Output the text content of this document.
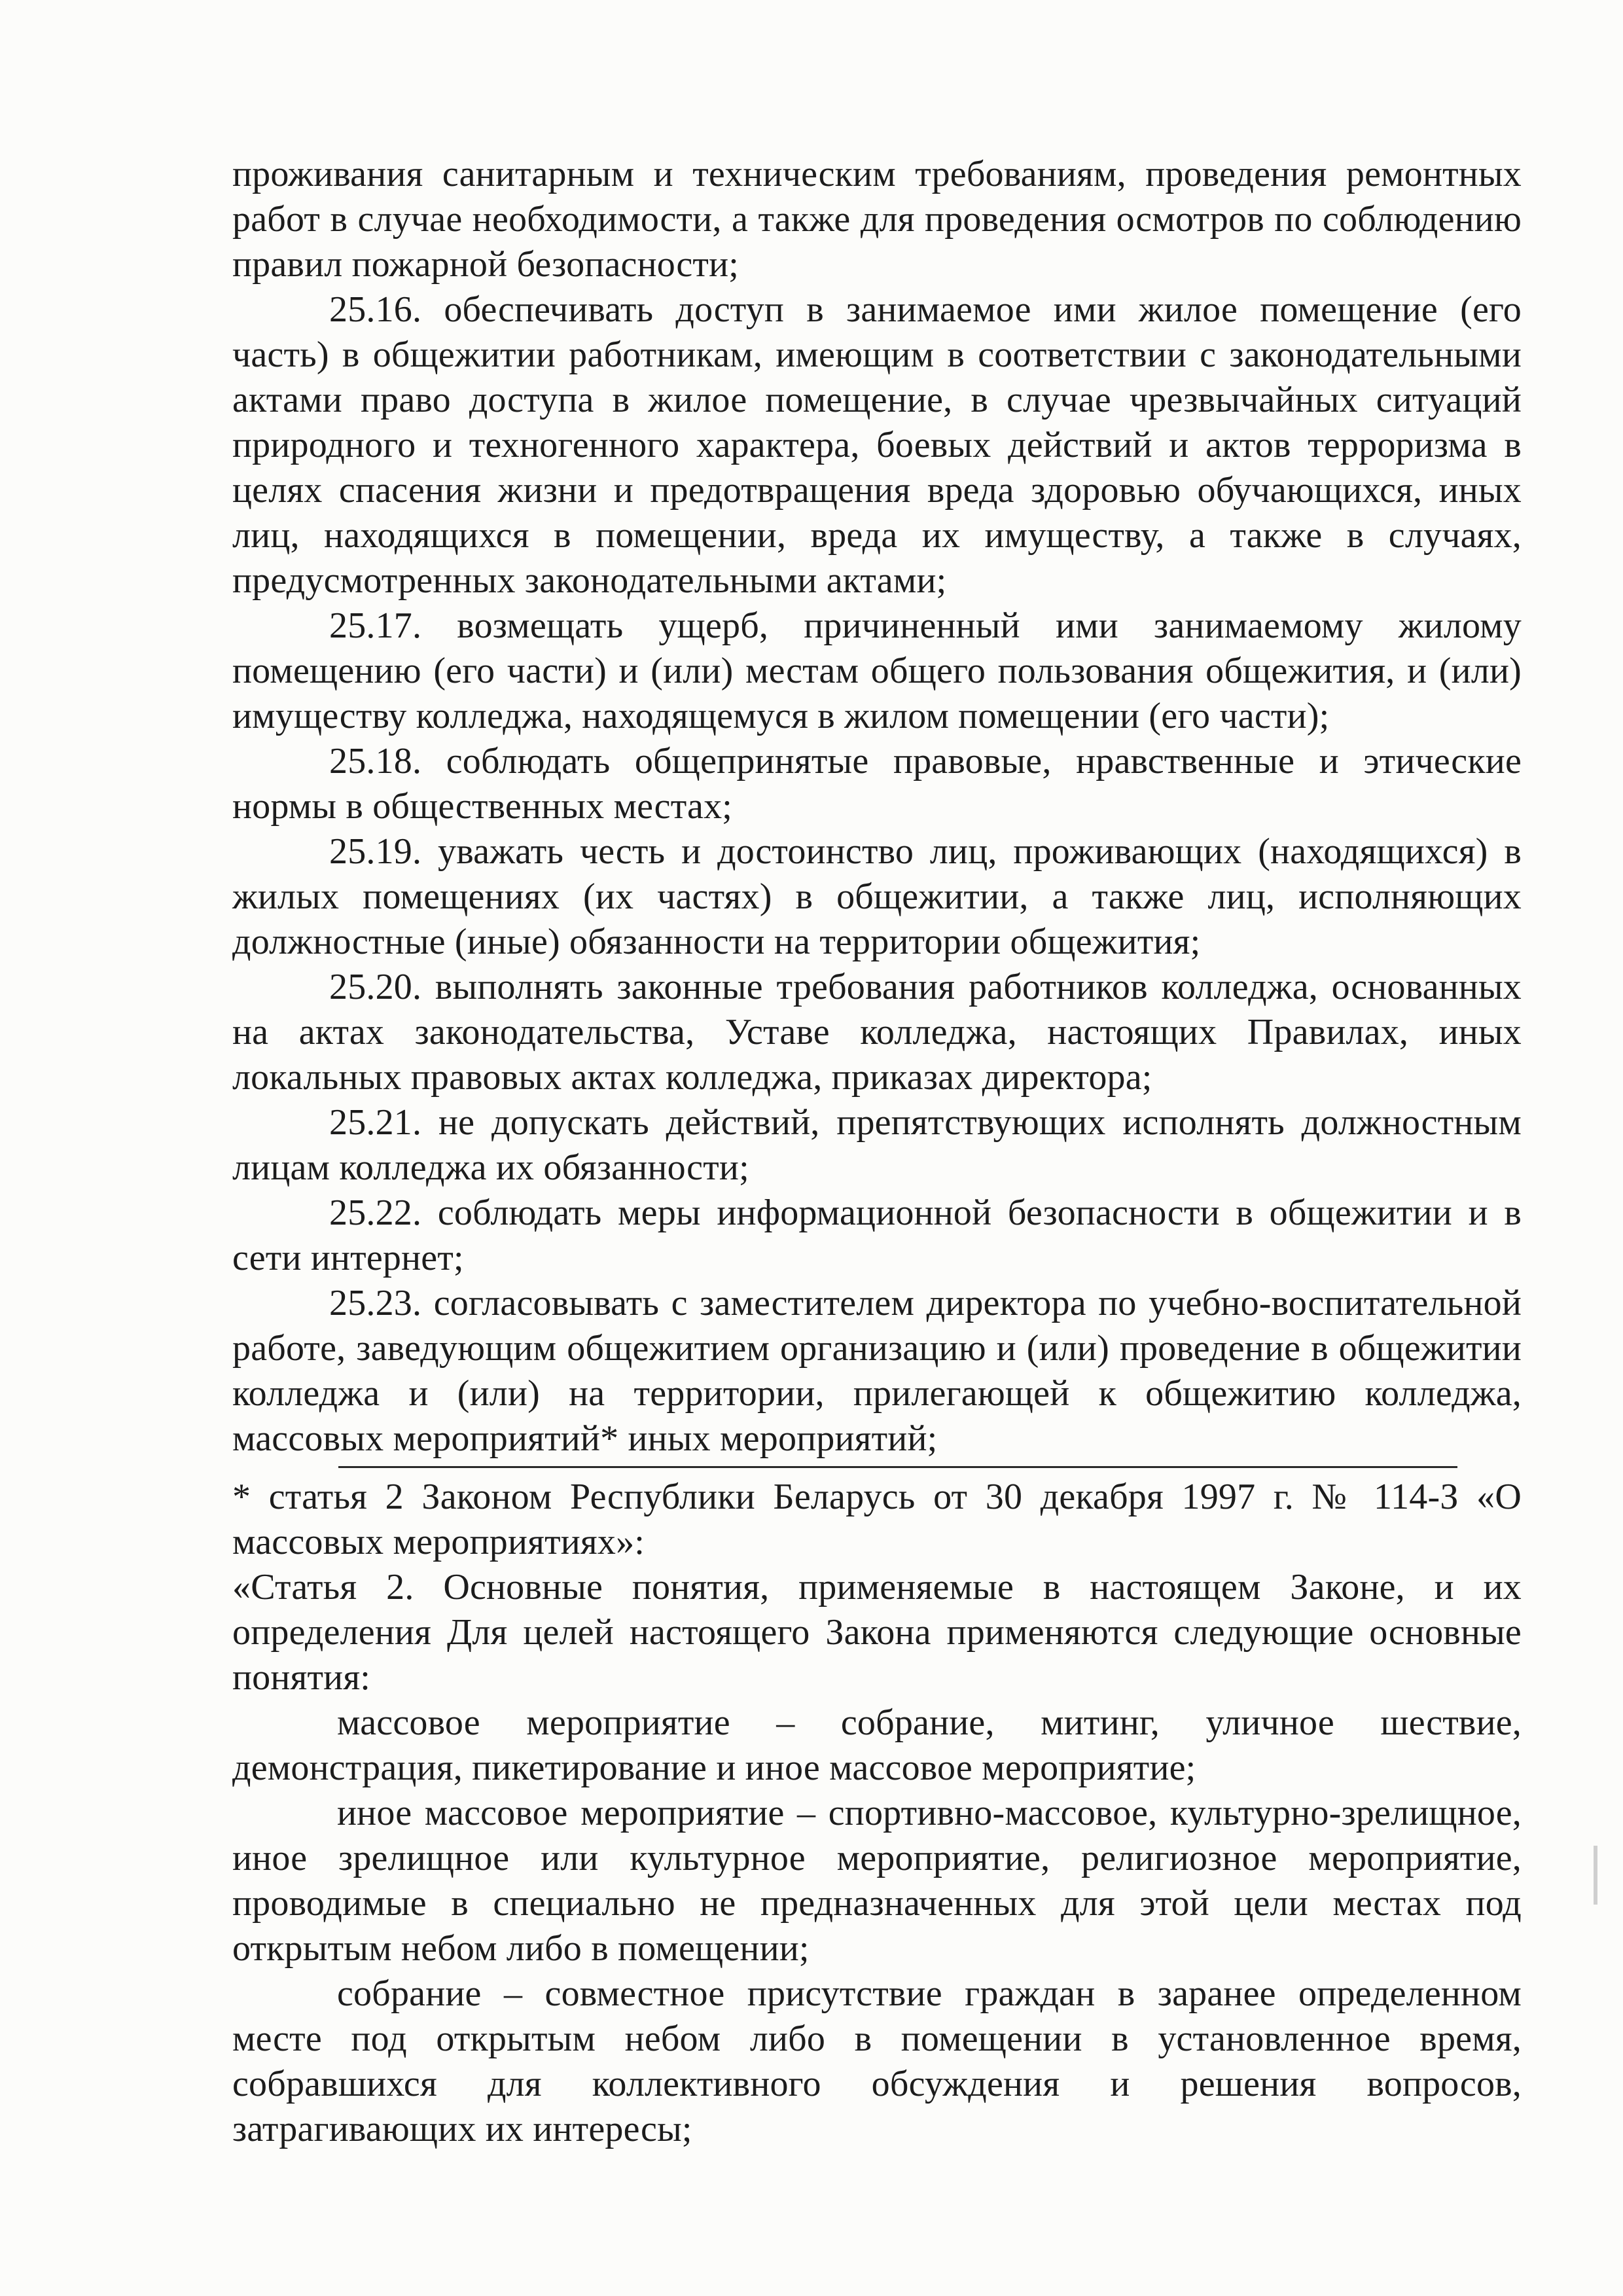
проживания санитарным и техническим требованиям, проведения ремонтных работ в случае необходимости, а также для проведения осмотров по соблюдению правил пожарной безопасности;

25.16. обеспечивать доступ в занимаемое ими жилое помещение (его часть) в общежитии работникам, имеющим в соответствии с законодательными актами право доступа в жилое помещение, в случае чрезвычайных ситуаций природного и техногенного характера, боевых действий и актов терроризма в целях спасения жизни и предотвращения вреда здоровью обучающихся, иных лиц, находящихся в помещении, вреда их имуществу, а также в случаях, предусмотренных законодательными актами;

25.17. возмещать ущерб, причиненный ими занимаемому жилому помещению (его части) и (или) местам общего пользования общежития, и (или) имуществу колледжа, находящемуся в жилом помещении (его части);

25.18. соблюдать общепринятые правовые, нравственные и этические нормы в общественных местах;

25.19. уважать честь и достоинство лиц, проживающих (находящихся) в жилых помещениях (их частях) в общежитии, а также лиц, исполняющих должностные (иные) обязанности на территории общежития;

25.20. выполнять законные требования работников колледжа, основанных на актах законодательства, Уставе колледжа, настоящих Правилах, иных локальных правовых актах колледжа, приказах директора;

25.21. не допускать действий, препятствующих исполнять должностным лицам колледжа их обязанности;

25.22. соблюдать меры информационной безопасности в общежитии и в сети интернет;

25.23. согласовывать с заместителем директора по учебно-воспитательной работе, заведующим общежитием организацию и (или) проведение в общежитии колледжа и (или) на территории, прилегающей к общежитию колледжа, массовых мероприятий* иных мероприятий;

* статья 2 Законом Республики Беларусь от 30 декабря 1997 г. № 114-З «О массовых мероприятиях»:

«Статья 2. Основные понятия, применяемые в настоящем Законе, и их определения Для целей настоящего Закона применяются следующие основные понятия:

массовое мероприятие – собрание, митинг, уличное шествие, демонстрация, пикетирование и иное массовое мероприятие;

иное массовое мероприятие – спортивно-массовое, культурно-зрелищное, иное зрелищное или культурное мероприятие, религиозное мероприятие, проводимые в специально не предназначенных для этой цели местах под открытым небом либо в помещении;

собрание – совместное присутствие граждан в заранее определенном месте под открытым небом либо в помещении в установленное время, собравшихся для коллективного обсуждения и решения вопросов, затрагивающих их интересы;
